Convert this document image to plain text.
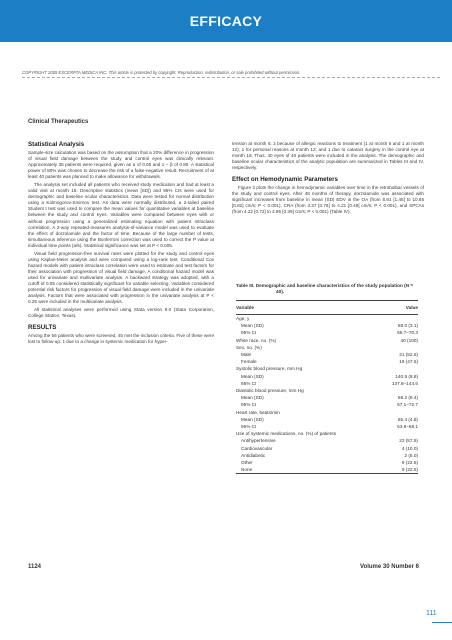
EFFICACY
COPYRIGHT 2009 EXCERPTA MEDICA INC. This article is protected by copyright. Reproduction, redistribution, or sale prohibited without permission.
Clinical Therapeutics
Statistical Analysis

Sample-size calculation was based on the assumption that a 20% difference in progression of visual field damage between the study and control eyes was clinically relevant. Approximately 35 patients were required, given an α of 0.05 and 1 − β of 0.80. A statistical power of 80% was chosen to decrease the risk of a false-negative result. Recruitment of at least 40 patients was planned to make allowance for withdrawals.

The analysis set included all patients who received study medication and had at least a valid visit at month 18. Descriptive statistics (mean [SD]) and 95% CIs were used for demographic and baseline ocular characteristics. Data were tested for normal distribution using a Kolmogorov-Smirnov test. As data were normally distributed, a 2-tailed paired Student t test was used to compare the mean values for quantitative variables at baseline between the study and control eyes. Variables were compared between eyes with or without progression using a generalized estimating equation with patient intraclass correlation. A 2-way repeated-measures analysis-of-variance model was used to evaluate the effect of dorzolamide and the factor of time. Because of the large number of tests, simultaneous inference using the Bonferroni correction was used to correct the P value at individual time points (a/5). Statistical significance was set at P < 0.005.

Visual field progression-free survival rates were plotted for the study and control eyes using Kaplan-Meier analysis and were compared using a log-rank test. Conditional Cox hazard models with patient intraclass correlation were used to estimate and test factors for their association with progression of visual field damage. A conditional hazard model was used for univariate and multivariate analysis. A backward strategy was adopted, with a cutoff of 0.05 considered statistically significant for variable selecting. Variables considered potential risk factors for progression of visual field damage were included in the univariate analysis. Factors that were associated with progression in the univariate analysis at P < 0.25 were included in the multivariate analysis.

All statistical analyses were performed using Stata version 9.0 (Stata Corporation, College Station, Texas).

RESULTS

Among the 56 patients who were screened, 45 met the inclusion criteria. Five of these were lost to follow-up: 1 due to a change in systemic medication for hyper-

tension at month 6; 2 because of allergic reactions to treatment (1 at month 6 and 1 at month 12); 1 for personal reasons at month 12; and 1 due to cataract surgery in the control eye at month 18. Thus, 40 eyes of 40 patients were included in the analysis. The demographic and baseline ocular characteristics of the analytic population are summarized in Tables III and IV, respectively.

Effect on Hemodynamic Parameters

Figure 3 plots the change in hemodynamic variables over time in the retrobulbar vessels of the study and control eyes. After 48 months of therapy, dorzolamide was associated with significant increases from baseline in mean (SD) EDV in the OA (from 8.91 [1.45] to 10.65 [0.82] cm/s; P < 0.001), CRA (from 3.37 [0.76] to 4.21 [0.48] cm/s; P < 0.001), and SPCAs (from 4.22 [0.72] to 4.95 [0.39] cm/s; P < 0.001) (Table IV).

Table III. Demographic and baseline characteristics of the study population (N = 40).
Variable	Value
Age, y
Mean (SD)	68.0 (3.1)
95% CI	65.7–70.3
White race, no. (%)	40 (100)
Sex, no. (%)
Male	21 (52.5)
Female	19 (47.5)
Systolic blood pressure, mm Hg
Mean (SD)	140.5 (8.8)
95% CI	137.8–144.6
Diastolic blood pressure, mm Hg
Mean (SD)	68.2 (8.4)
95% CI	67.1–72.7
Heart rate, beats/min
Mean (SD)	65.4 (4.8)
95% CI	63.8–68.1
Use of systemic medications, no. (%) of patients
Antihypertensive	23 (57.5)
Cardiovascular	4 (10.0)
Antidiabetic	2 (5.0)
Other	9 (22.5)
None	9 (22.5)
1124	Volume 30 Number 6
111
